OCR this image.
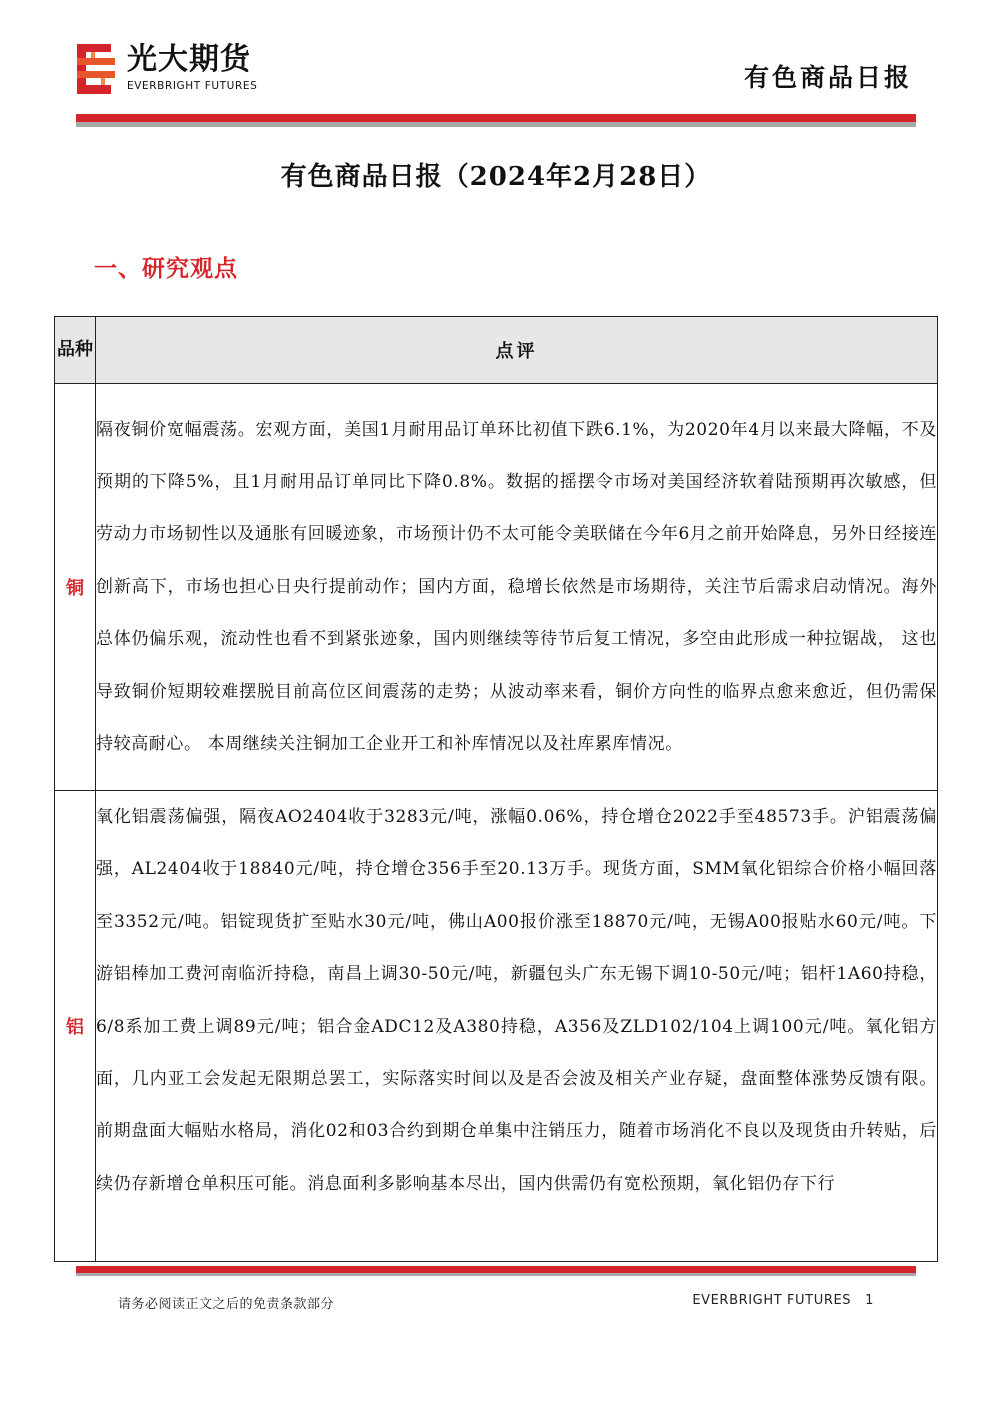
光大期货
EVERBRIGHT FUTURES	有色商品日报
有色商品日报（2024年2月28日）
一、研究观点
品种	点评
铜	隔夜铜价宽幅震荡。宏观方面，美国1月耐用品订单环比初值下跌6.1%，为2020年4月以来最大降幅，不及预期的下降5%，且1月耐用品订单同比下降0.8%。数据的摇摆令市场对美国经济软着陆预期再次敏感，但劳动力市场韧性以及通胀有回暖迹象，市场预计仍不太可能令美联储在今年6月之前开始降息，另外日经接连创新高下，市场也担心日央行提前动作；国内方面，稳增长依然是市场期待，关注节后需求启动情况。海外总体仍偏乐观，流动性也看不到紧张迹象，国内则继续等待节后复工情况，多空由此形成一种拉锯战， 这也导致铜价短期较难摆脱目前高位区间震荡的走势；从波动率来看，铜价方向性的临界点愈来愈近，但仍需保持较高耐心。 本周继续关注铜加工企业开工和补库情况以及社库累库情况。
铝	氧化铝震荡偏强，隔夜AO2404收于3283元/吨，涨幅0.06%，持仓增仓2022手至48573手。沪铝震荡偏强，AL2404收于18840元/吨，持仓增仓356手至20.13万手。现货方面，SMM氧化铝综合价格小幅回落至3352元/吨。铝锭现货扩至贴水30元/吨，佛山A00报价涨至18870元/吨，无锡A00报贴水60元/吨。下游铝棒加工费河南临沂持稳，南昌上调30-50元/吨，新疆包头广东无锡下调10-50元/吨；铝杆1A60持稳，6/8系加工费上调89元/吨；铝合金ADC12及A380持稳，A356及ZLD102/104上调100元/吨。氧化铝方面，几内亚工会发起无限期总罢工，实际落实时间以及是否会波及相关产业存疑，盘面整体涨势反馈有限。前期盘面大幅贴水格局，消化02和03合约到期仓单集中注销压力，随着市场消化不良以及现货由升转贴，后续仍存新增仓单积压可能。消息面利多影响基本尽出，国内供需仍有宽松预期，氧化铝仍存下行
请务必阅读正文之后的免责条款部分	EVERBRIGHT FUTURES 1
